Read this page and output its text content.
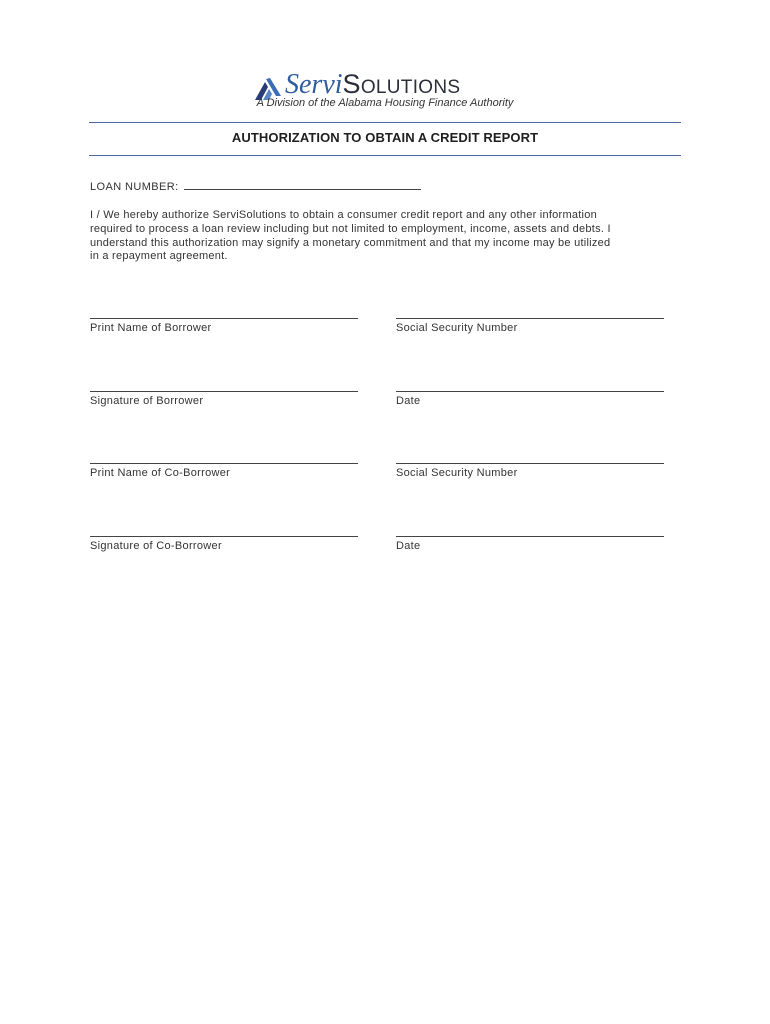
ServiSolutions
A Division of the Alabama Housing Finance Authority
AUTHORIZATION TO OBTAIN A CREDIT REPORT
LOAN NUMBER:
I / We hereby authorize ServiSolutions to obtain a consumer credit report and any other information
required to process a loan review including but not limited to employment, income, assets and debts. I
understand this authorization may signify a monetary commitment and that my income may be utilized
in a repayment agreement.
Print Name of Borrower	Social Security Number
Signature of Borrower	Date
Print Name of Co-Borrower	Social Security Number
Signature of Co-Borrower	Date
